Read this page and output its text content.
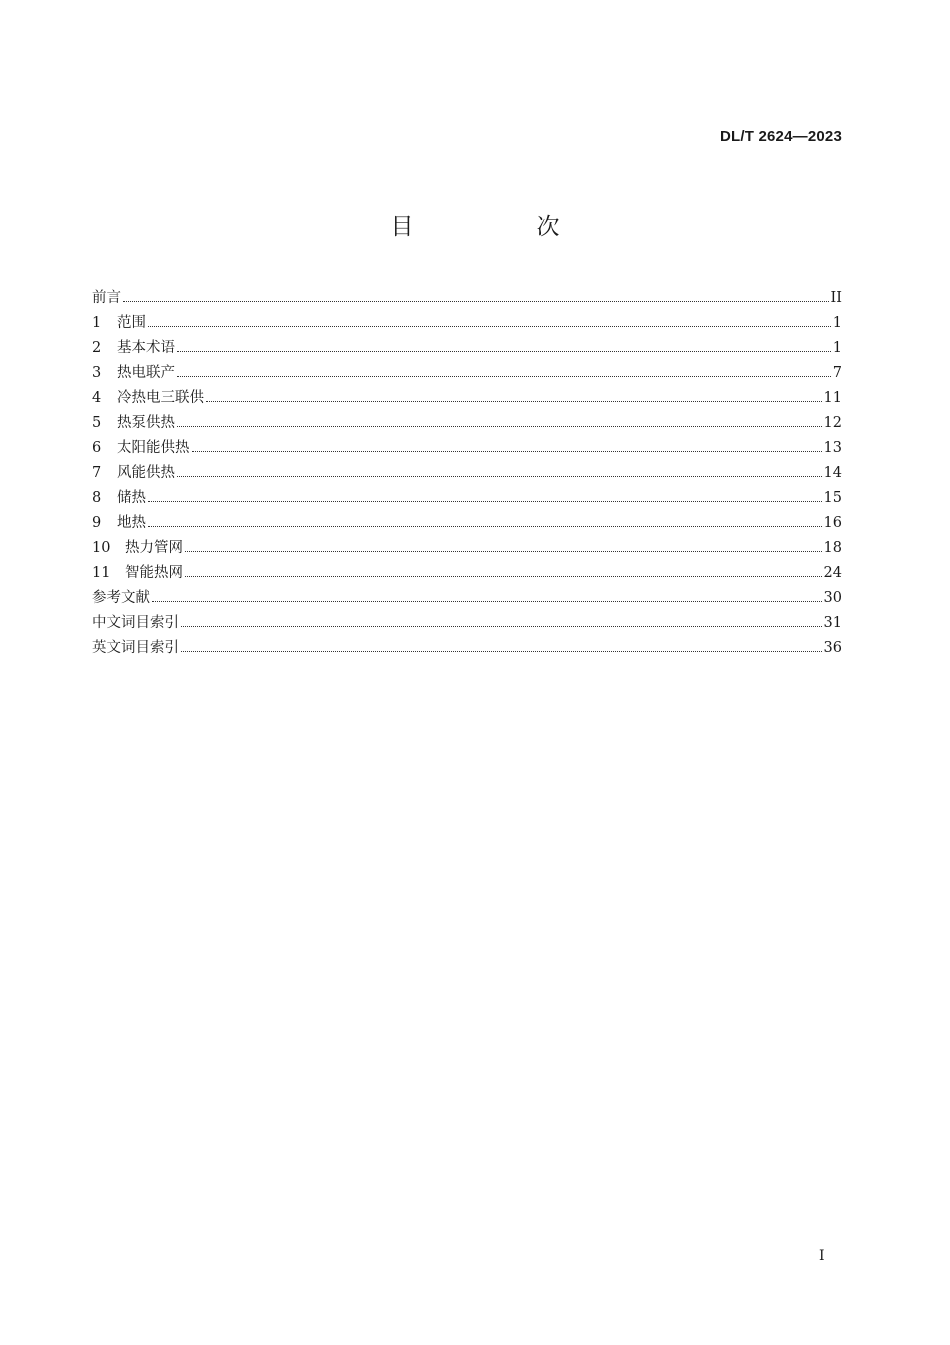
DL/T 2624—2023
目　次
前言	II
1	范围	1
2	基本术语	1
3	热电联产	7
4	冷热电三联供	11
5	热泵供热	12
6	太阳能供热	13
7	风能供热	14
8	储热	15
9	地热	16
10	热力管网	18
11	智能热网	24
参考文献	30
中文词目索引	31
英文词目索引	36
I
